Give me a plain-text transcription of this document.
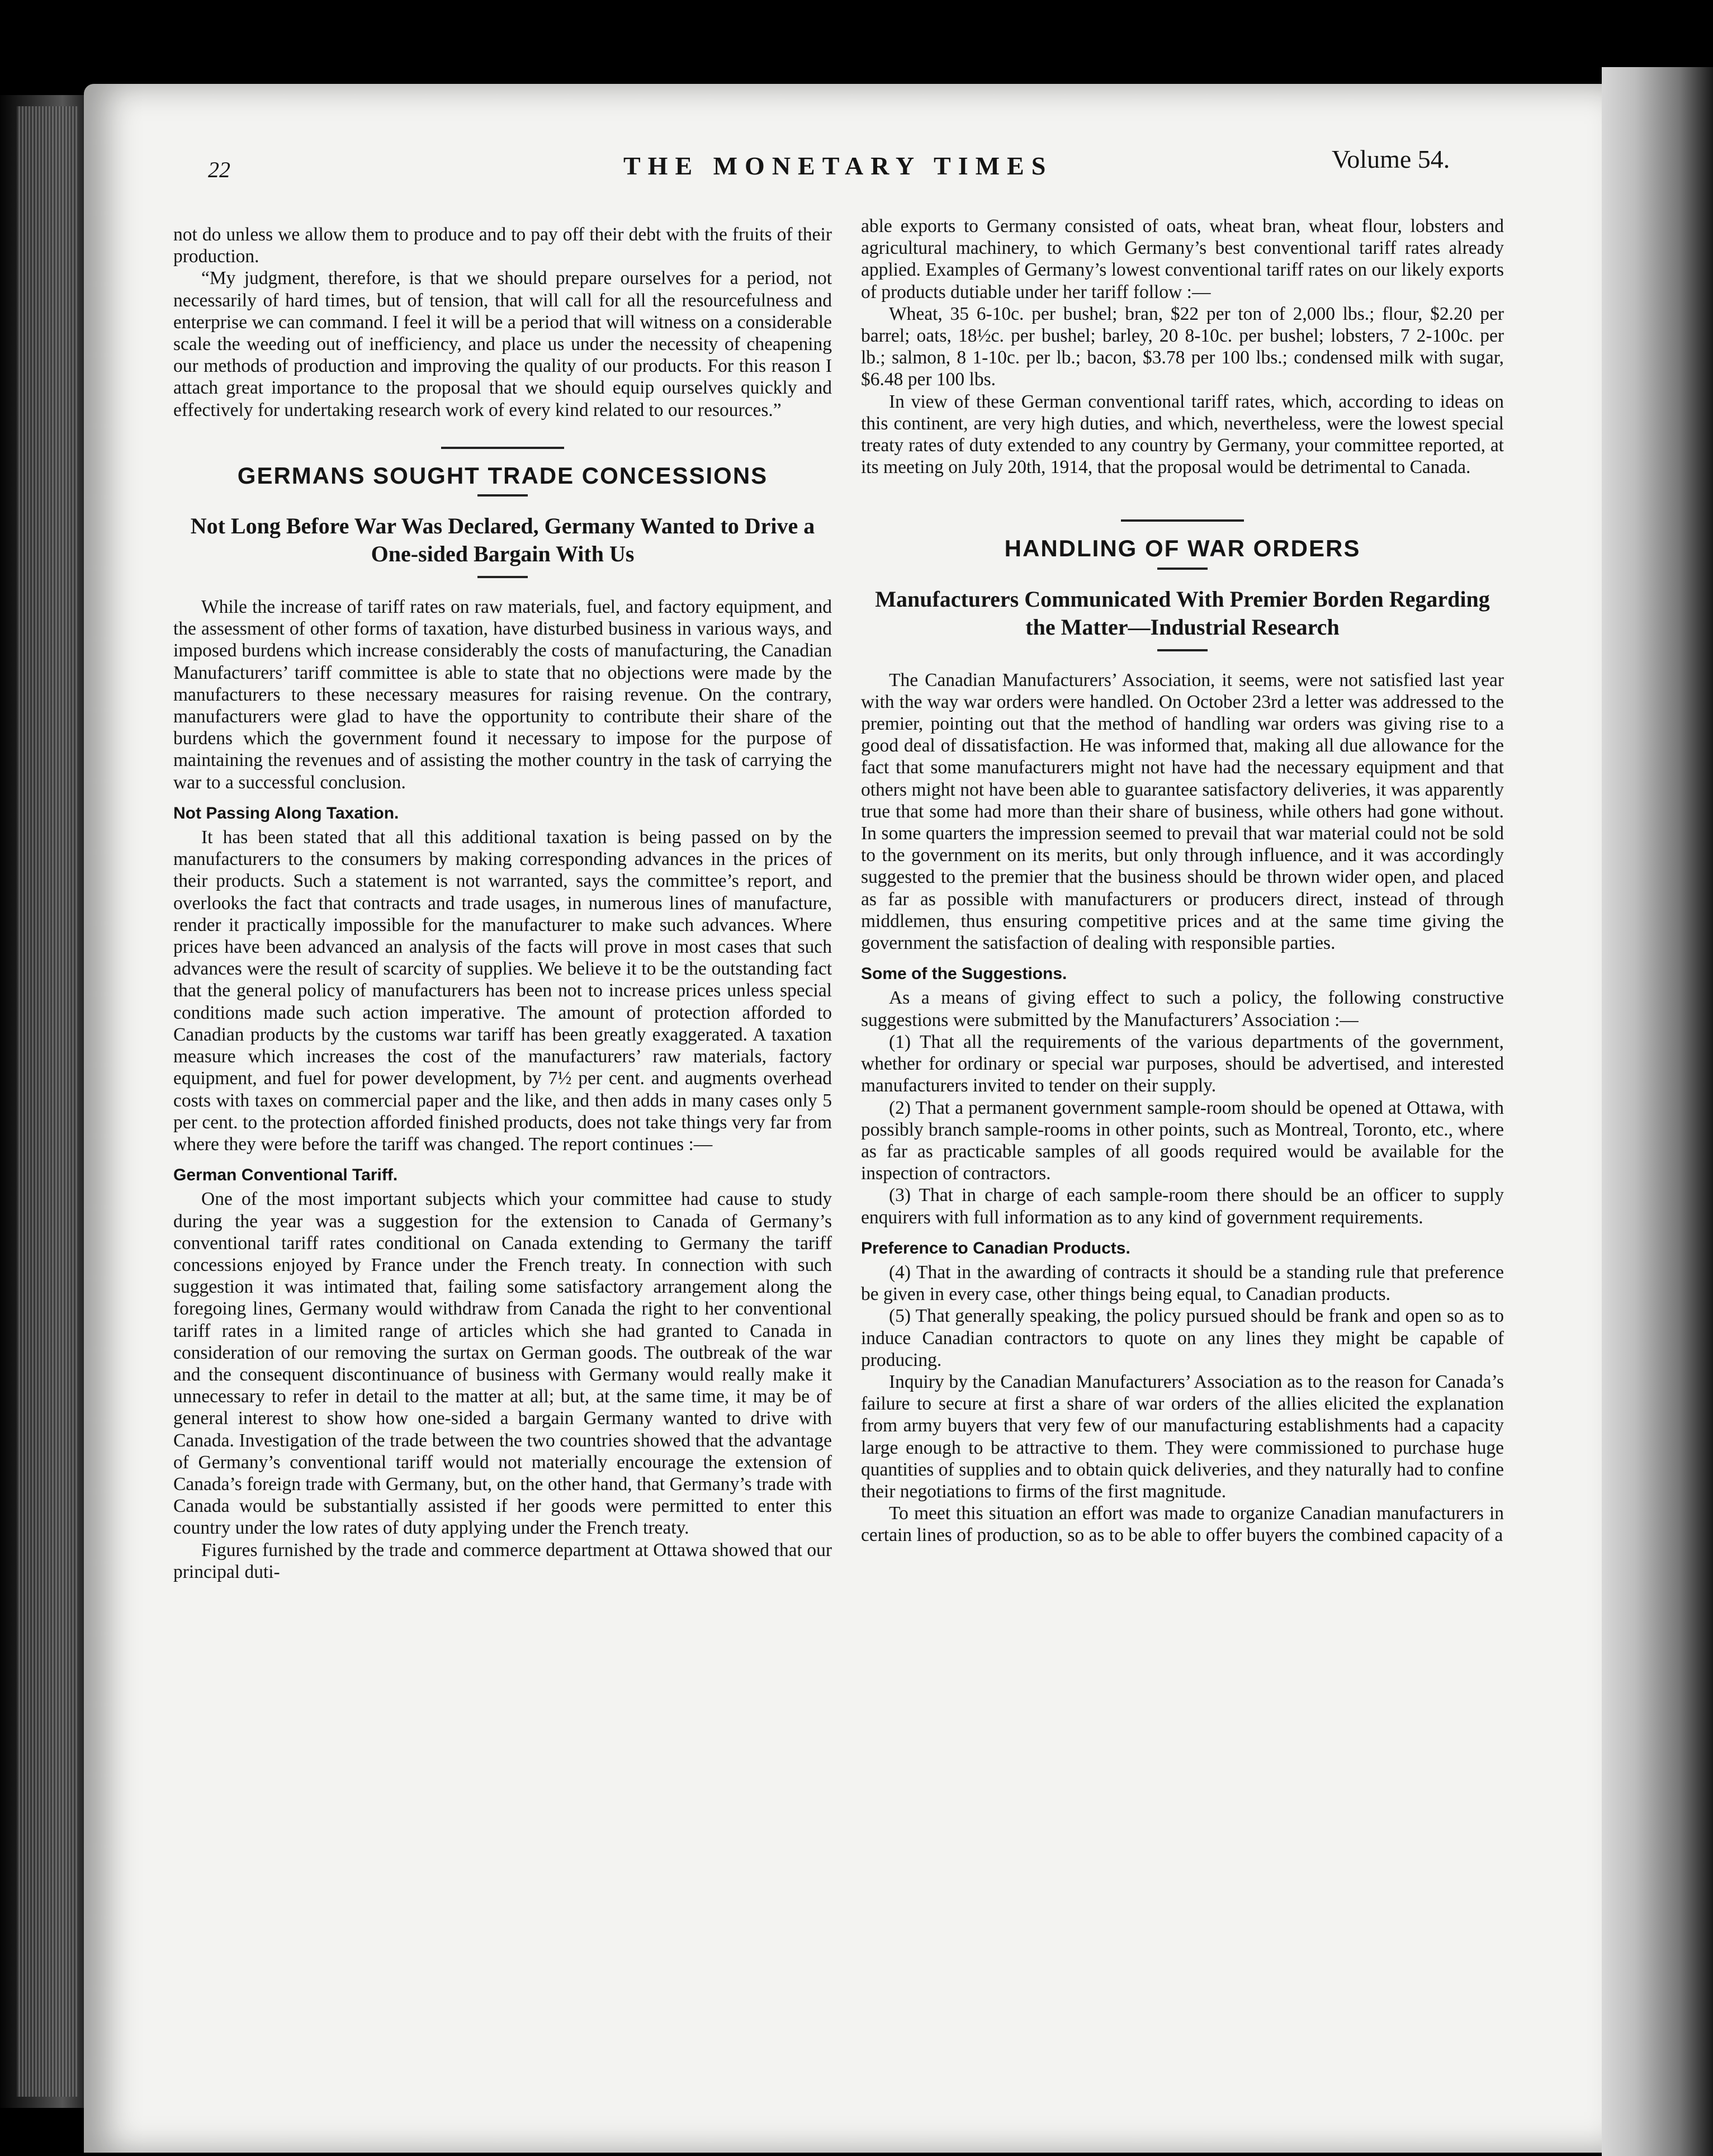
22	THE MONETARY TIMES	Volume 54.

not do unless we allow them to produce and to pay off their debt with the fruits of their production.

“My judgment, therefore, is that we should prepare ourselves for a period, not necessarily of hard times, but of tension, that will call for all the resourcefulness and enterprise we can command. I feel it will be a period that will witness on a considerable scale the weeding out of inefficiency, and place us under the necessity of cheapening our methods of production and improving the quality of our products. For this reason I attach great importance to the proposal that we should equip ourselves quickly and effectively for undertaking research work of every kind related to our resources.”

GERMANS SOUGHT TRADE CONCESSIONS
Not Long Before War Was Declared, Germany Wanted to Drive a One-sided Bargain With Us

While the increase of tariff rates on raw materials, fuel, and factory equipment, and the assessment of other forms of taxation, have disturbed business in various ways, and imposed burdens which increase considerably the costs of manufacturing, the Canadian Manufacturers’ tariff committee is able to state that no objections were made by the manufacturers to these necessary measures for raising revenue. On the contrary, manufacturers were glad to have the opportunity to contribute their share of the burdens which the government found it necessary to impose for the purpose of maintaining the revenues and of assisting the mother country in the task of carrying the war to a successful conclusion.

Not Passing Along Taxation.

It has been stated that all this additional taxation is being passed on by the manufacturers to the consumers by making corresponding advances in the prices of their products. Such a statement is not warranted, says the committee’s report, and overlooks the fact that contracts and trade usages, in numerous lines of manufacture, render it practically impossible for the manufacturer to make such advances. Where prices have been advanced an analysis of the facts will prove in most cases that such advances were the result of scarcity of supplies. We believe it to be the outstanding fact that the general policy of manufacturers has been not to increase prices unless special conditions made such action imperative. The amount of protection afforded to Canadian products by the customs war tariff has been greatly exaggerated. A taxation measure which increases the cost of the manufacturers’ raw materials, factory equipment, and fuel for power development, by 7½ per cent. and augments overhead costs with taxes on commercial paper and the like, and then adds in many cases only 5 per cent. to the protection afforded finished products, does not take things very far from where they were before the tariff was changed. The report continues :—

German Conventional Tariff.

One of the most important subjects which your committee had cause to study during the year was a suggestion for the extension to Canada of Germany’s conventional tariff rates conditional on Canada extending to Germany the tariff concessions enjoyed by France under the French treaty. In connection with such suggestion it was intimated that, failing some satisfactory arrangement along the foregoing lines, Germany would withdraw from Canada the right to her conventional tariff rates in a limited range of articles which she had granted to Canada in consideration of our removing the surtax on German goods. The outbreak of the war and the consequent discontinuance of business with Germany would really make it unnecessary to refer in detail to the matter at all; but, at the same time, it may be of general interest to show how one-sided a bargain Germany wanted to drive with Canada. Investigation of the trade between the two countries showed that the advantage of Germany’s conventional tariff would not materially encourage the extension of Canada’s foreign trade with Germany, but, on the other hand, that Germany’s trade with Canada would be substantially assisted if her goods were permitted to enter this country under the low rates of duty applying under the French treaty.

Figures furnished by the trade and commerce department at Ottawa showed that our principal duti-

able exports to Germany consisted of oats, wheat bran, wheat flour, lobsters and agricultural machinery, to which Germany’s best conventional tariff rates already applied. Examples of Germany’s lowest conventional tariff rates on our likely exports of products dutiable under her tariff follow :—

Wheat, 35 6-10c. per bushel; bran, $22 per ton of 2,000 lbs.; flour, $2.20 per barrel; oats, 18½c. per bushel; barley, 20 8-10c. per bushel; lobsters, 7 2-100c. per lb.; salmon, 8 1-10c. per lb.; bacon, $3.78 per 100 lbs.; condensed milk with sugar, $6.48 per 100 lbs.

In view of these German conventional tariff rates, which, according to ideas on this continent, are very high duties, and which, nevertheless, were the lowest special treaty rates of duty extended to any country by Germany, your committee reported, at its meeting on July 20th, 1914, that the proposal would be detrimental to Canada.

HANDLING OF WAR ORDERS
Manufacturers Communicated With Premier Borden Regarding the Matter—Industrial Research

The Canadian Manufacturers’ Association, it seems, were not satisfied last year with the way war orders were handled. On October 23rd a letter was addressed to the premier, pointing out that the method of handling war orders was giving rise to a good deal of dissatisfaction. He was informed that, making all due allowance for the fact that some manufacturers might not have had the necessary equipment and that others might not have been able to guarantee satisfactory deliveries, it was apparently true that some had more than their share of business, while others had gone without. In some quarters the impression seemed to prevail that war material could not be sold to the government on its merits, but only through influence, and it was accordingly suggested to the premier that the business should be thrown wider open, and placed as far as possible with manufacturers or producers direct, instead of through middlemen, thus ensuring competitive prices and at the same time giving the government the satisfaction of dealing with responsible parties.

Some of the Suggestions.

As a means of giving effect to such a policy, the following constructive suggestions were submitted by the Manufacturers’ Association :—

(1) That all the requirements of the various departments of the government, whether for ordinary or special war purposes, should be advertised, and interested manufacturers invited to tender on their supply.

(2) That a permanent government sample-room should be opened at Ottawa, with possibly branch sample-rooms in other points, such as Montreal, Toronto, etc., where as far as practicable samples of all goods required would be available for the inspection of contractors.

(3) That in charge of each sample-room there should be an officer to supply enquirers with full information as to any kind of government requirements.

Preference to Canadian Products.

(4) That in the awarding of contracts it should be a standing rule that preference be given in every case, other things being equal, to Canadian products.

(5) That generally speaking, the policy pursued should be frank and open so as to induce Canadian contractors to quote on any lines they might be capable of producing.

Inquiry by the Canadian Manufacturers’ Association as to the reason for Canada’s failure to secure at first a share of war orders of the allies elicited the explanation from army buyers that very few of our manufacturing establishments had a capacity large enough to be attractive to them. They were commissioned to purchase huge quantities of supplies and to obtain quick deliveries, and they naturally had to confine their negotiations to firms of the first magnitude.

To meet this situation an effort was made to organize Canadian manufacturers in certain lines of production, so as to be able to offer buyers the combined capacity of a
